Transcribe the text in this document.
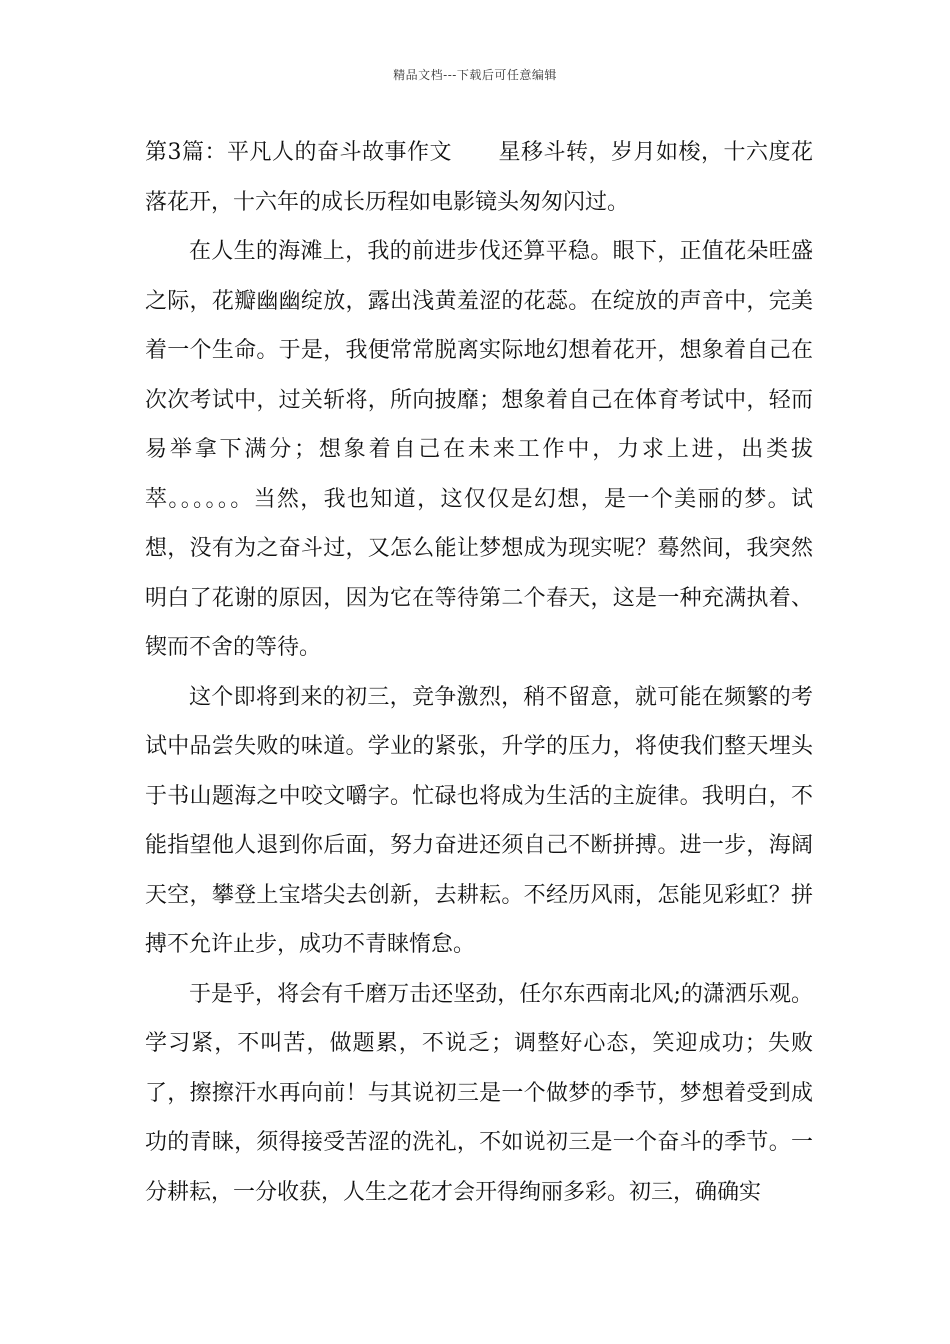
精品文档---下载后可任意编辑

第3篇：平凡人的奋斗故事作文 星移斗转，岁月如梭，十六度花落花开，十六年的成长历程如电影镜头匆匆闪过。

在人生的海滩上，我的前进步伐还算平稳。眼下，正值花朵旺盛之际，花瓣幽幽绽放，露出浅黄羞涩的花蕊。在绽放的声音中，完美着一个生命。于是，我便常常脱离实际地幻想着花开，想象着自己在次次考试中，过关斩将，所向披靡；想象着自己在体育考试中，轻而易举拿下满分；想象着自己在未来工作中，力求上进，出类拔萃。。。。。。当然，我也知道，这仅仅是幻想，是一个美丽的梦。试想，没有为之奋斗过，又怎么能让梦想成为现实呢？蓦然间，我突然明白了花谢的原因，因为它在等待第二个春天，这是一种充满执着、锲而不舍的等待。

这个即将到来的初三，竞争激烈，稍不留意，就可能在频繁的考试中品尝失败的味道。学业的紧张，升学的压力，将使我们整天埋头于书山题海之中咬文嚼字。忙碌也将成为生活的主旋律。我明白，不能指望他人退到你后面，努力奋进还须自己不断拼搏。进一步，海阔天空，攀登上宝塔尖去创新，去耕耘。不经历风雨，怎能见彩虹？拼搏不允许止步，成功不青睐惰怠。

于是乎，将会有千磨万击还坚劲，任尔东西南北风;的潇洒乐观。学习紧，不叫苦，做题累，不说乏；调整好心态，笑迎成功；失败了，擦擦汗水再向前！与其说初三是一个做梦的季节，梦想着受到成功的青睐，须得接受苦涩的洗礼，不如说初三是一个奋斗的季节。一分耕耘，一分收获，人生之花才会开得绚丽多彩。初三，确确实
